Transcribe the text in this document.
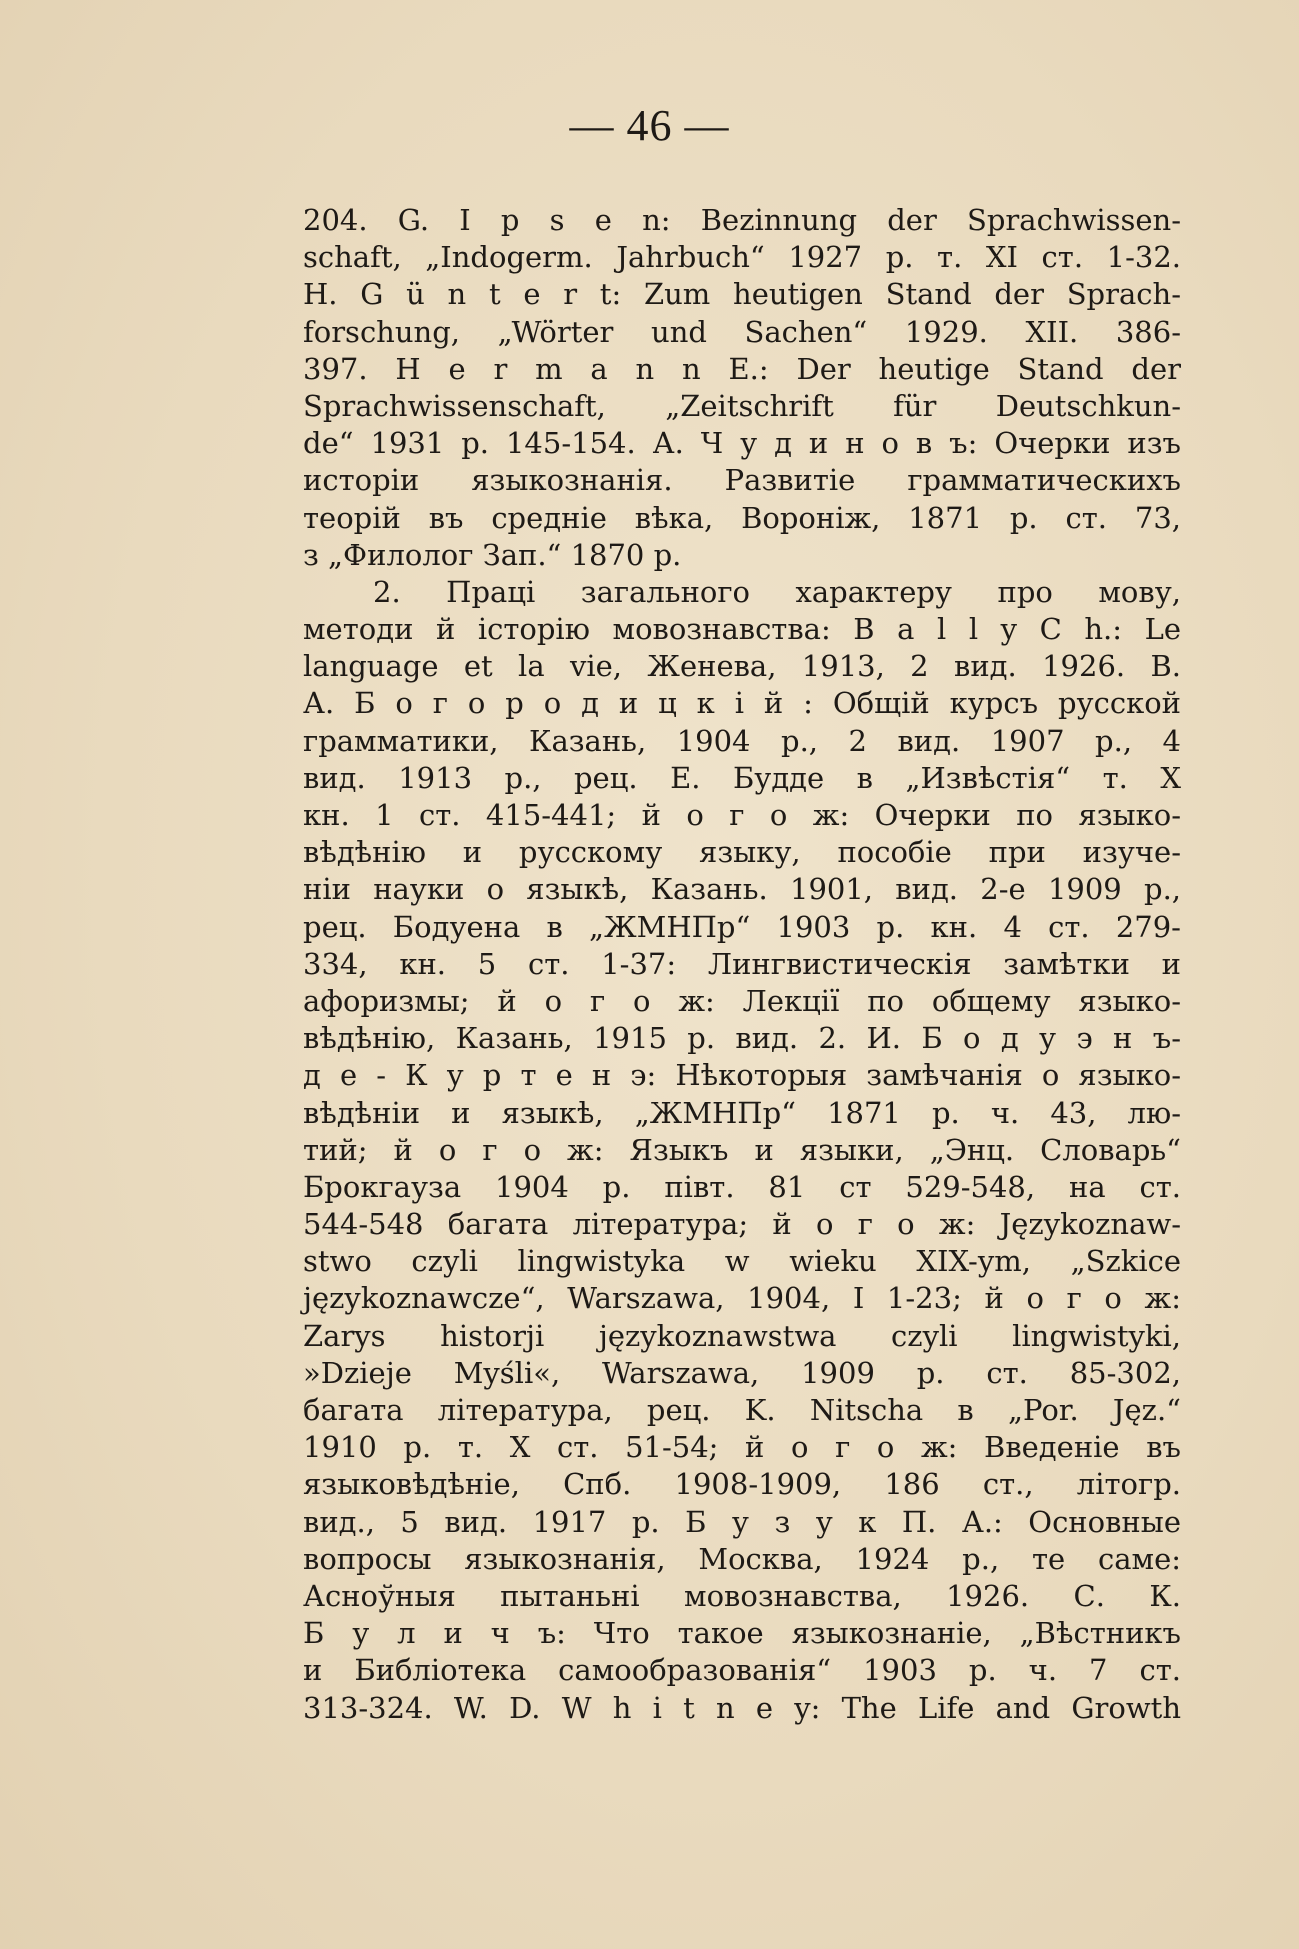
— 46 —
204. G. I p s e n: Bezinnung der Sprachwissen-
schaft, „Indogerm. Jahrbuch“ 1927 p. т. XI ст. 1-32.
H. G ü n t e r t: Zum heutigen Stand der Sprach-
forschung, „Wörter und Sachen“ 1929. XII. 386-
397. H e r m a n n E.: Der heutige Stand der
Sprachwissenschaft, „Zeitschrift für Deutschkun-
de“ 1931 p. 145-154. А. Ч у д и н о в ъ: Очерки изъ
исторіи языкознанія. Развитіе грамматическихъ
теорій въ средніе вѣка, Вороніж, 1871 р. ст. 73,
з „Филолог Зап.“ 1870 р.
2. Праці загального характеру про мову,
методи й історію мовознавства: B a l l y C h.: Le
language et la vie, Женева, 1913, 2 вид. 1926. B.
А. Б о г о р о д и ц к і й : Общій курсъ русской
грамматики, Казань, 1904 р., 2 вид. 1907 р., 4
вид. 1913 р., рец. Е. Будде в „Извѣстія“ т. X
кн. 1 ст. 415-441; й о г о ж: Очерки по языко-
вѣдѣнію и русскому языку, пособіе при изуче-
ніи науки о языкѣ, Казань. 1901, вид. 2-е 1909 р.,
рец. Бодуена в „ЖМНПр“ 1903 р. кн. 4 ст. 279-
334, кн. 5 ст. 1-37: Лингвистическія замѣтки и
афоризмы; й о г о ж: Лекції по общему языко-
вѣдѣнію, Казань, 1915 р. вид. 2. И. Б о д у э н ъ-
д е - К у р т е н э: Нѣкоторыя замѣчанія о языко-
вѣдѣніи и языкѣ, „ЖМНПр“ 1871 р. ч. 43, лю-
тий; й о г о ж: Языкъ и языки, „Энц. Словарь“
Брокгауза 1904 р. півт. 81 ст 529-548, на ст.
544-548 багата література; й о г о ж: Językoznaw-
stwo czyli lingwistyka w wieku XIX-ym, „Szkice
językoznawcze“, Warszawa, 1904, I 1-23; й о г о ж:
Zarys historji językoznawstwa czyli lingwistyki,
»Dzieje Myśli«, Warszawa, 1909 р. ст. 85-302,
багата література, рец. K. Nitscha в „Por. Jęz.“
1910 р. т. X ст. 51-54; й о г о ж: Введеніе въ
языковѣдѣніе, Спб. 1908-1909, 186 ст., літогр.
вид., 5 вид. 1917 р. Б у з у к П. А.: Основные
вопросы языкознанія, Москва, 1924 р., те саме:
Асноўныя пытаньні мовознавства, 1926. С. К.
Б у л и ч ъ: Что такое языкознаніе, „Вѣстникъ
и Библіотека самообразованія“ 1903 р. ч. 7 ст.
313-324. W. D. W h i t n e y: The Life and Growth
